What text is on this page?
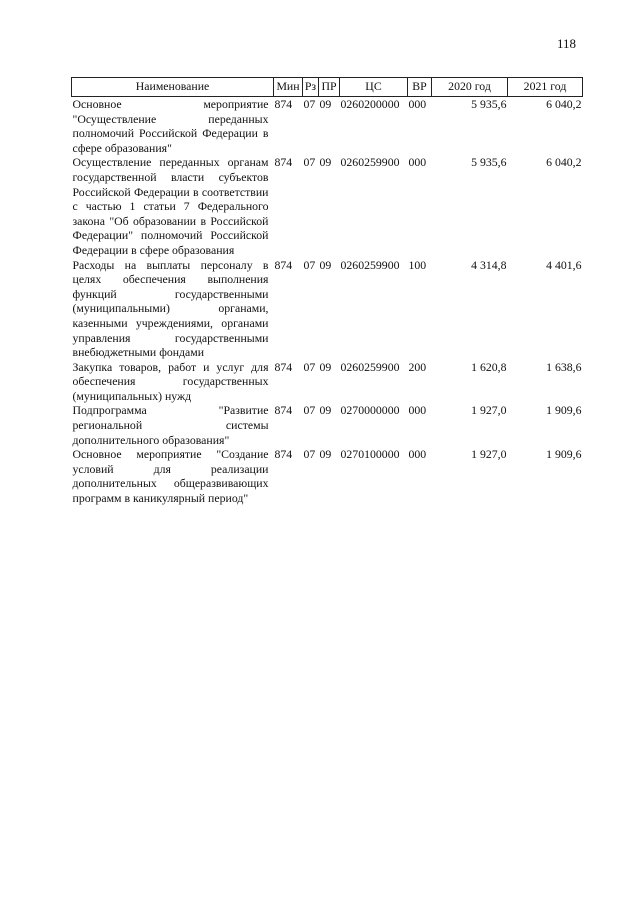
118
Наименование	Мин	Рз	ПР	ЦС	ВР	2020 год	2021 год
Основное мероприятие "Осуществление переданных полномочий Российской Федерации в сфере образования"	874	07	09	0260200000	000	5 935,6	6 040,2
Осуществление переданных органам государственной власти субъектов Российской Федерации в соответствии с частью 1 статьи 7 Федерального закона "Об образовании в Российской Федерации" полномочий Российской Федерации в сфере образования	874	07	09	0260259900	000	5 935,6	6 040,2
Расходы на выплаты персоналу в целях обеспечения выполнения функций государственными (муниципальными) органами, казенными учреждениями, органами управления государственными внебюджетными фондами	874	07	09	0260259900	100	4 314,8	4 401,6
Закупка товаров, работ и услуг для обеспечения государственных (муниципальных) нужд	874	07	09	0260259900	200	1 620,8	1 638,6
Подпрограмма "Развитие региональной системы дополнительного образования"	874	07	09	0270000000	000	1 927,0	1 909,6
Основное мероприятие "Создание условий для реализации дополнительных общеразвивающих программ в каникулярный период"	874	07	09	0270100000	000	1 927,0	1 909,6
